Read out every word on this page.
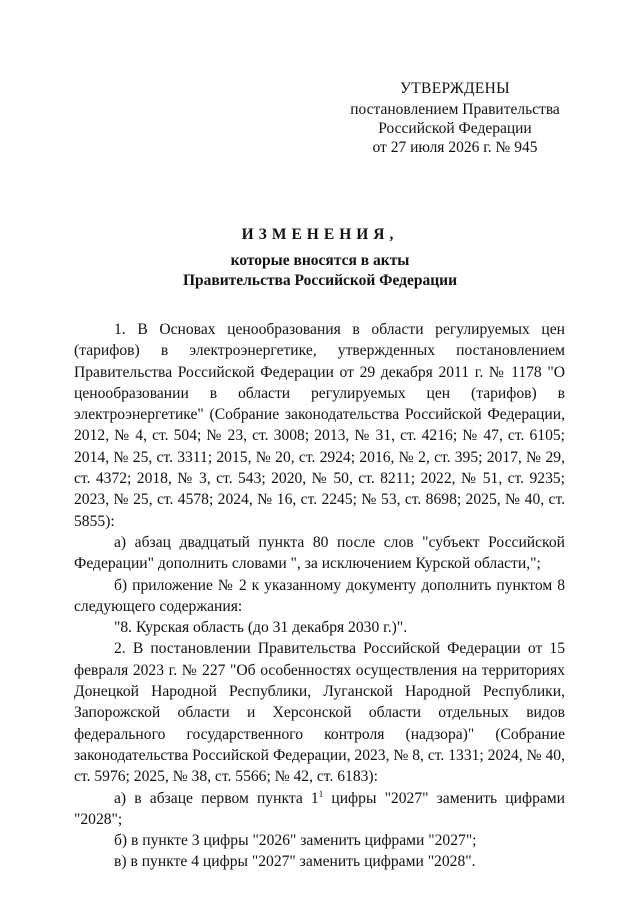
УТВЕРЖДЕНЫ
постановлением Правительства
Российской Федерации
от 27 июля 2026 г. № 945
ИЗМЕНЕНИЯ,
которые вносятся в акты
Правительства Российской Федерации

1. В Основах ценообразования в области регулируемых цен (тарифов) в электроэнергетике, утвержденных постановлением Правительства Российской Федерации от 29 декабря 2011 г. № 1178 "О ценообразовании в области регулируемых цен (тарифов) в электроэнергетике" (Собрание законодательства Российской Федерации, 2012, № 4, ст. 504; № 23, ст. 3008; 2013, № 31, ст. 4216; № 47, ст. 6105; 2014, № 25, ст. 3311; 2015, № 20, ст. 2924; 2016, № 2, ст. 395; 2017, № 29, ст. 4372; 2018, № 3, ст. 543; 2020, № 50, ст. 8211; 2022, № 51, ст. 9235; 2023, № 25, ст. 4578; 2024, № 16, ст. 2245; № 53, ст. 8698; 2025, № 40, ст. 5855):

а) абзац двадцатый пункта 80 после слов "субъект Российской Федерации" дополнить словами ", за исключением Курской области,";

б) приложение № 2 к указанному документу дополнить пунктом 8 следующего содержания:

"8. Курская область (до 31 декабря 2030 г.)".

2. В постановлении Правительства Российской Федерации от 15 февраля 2023 г. № 227 "Об особенностях осуществления на территориях Донецкой Народной Республики, Луганской Народной Республики, Запорожской области и Херсонской области отдельных видов федерального государственного контроля (надзора)" (Собрание законодательства Российской Федерации, 2023, № 8, ст. 1331; 2024, № 40, ст. 5976; 2025, № 38, ст. 5566; № 42, ст. 6183):

а) в абзаце первом пункта $1^1$ цифры "2027" заменить цифрами "2028";

б) в пункте 3 цифры "2026" заменить цифрами "2027";

в) в пункте 4 цифры "2027" заменить цифрами "2028".
